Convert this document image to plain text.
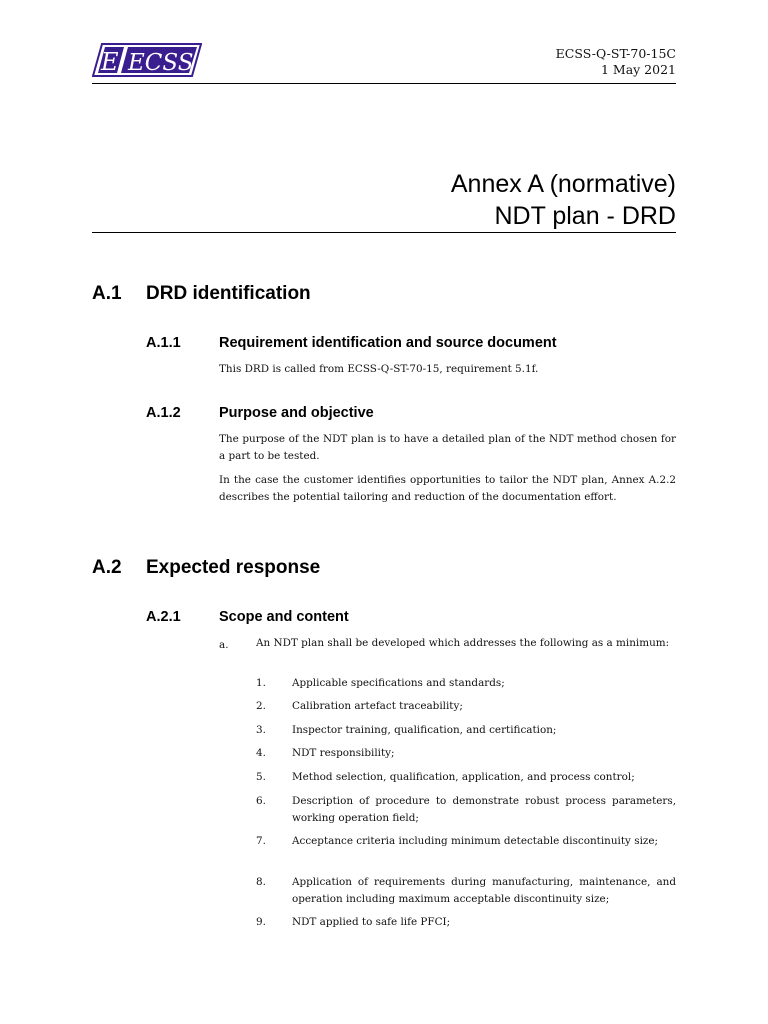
E ECSS	ECSS-Q-ST-70-15C
1 May 2021
Annex A (normative)
NDT plan - DRD
A.1 DRD identification
A.1.1	Requirement identification and source document
This DRD is called from ECSS-Q-ST-70-15, requirement 5.1f.
A.1.2	Purpose and objective
The purpose of the NDT plan is to have a detailed plan of the NDT method chosen for a part to be tested.
In the case the customer identifies opportunities to tailor the NDT plan, Annex A.2.2 describes the potential tailoring and reduction of the documentation effort.
A.2 Expected response
A.2.1	Scope and content
a.	An NDT plan shall be developed which addresses the following as a minimum:
1.	Applicable specifications and standards;
2.	Calibration artefact traceability;
3.	Inspector training, qualification, and certification;
4.	NDT responsibility;
5.	Method selection, qualification, application, and process control;
6.	Description of procedure to demonstrate robust process parameters, working operation field;
7.	Acceptance criteria including minimum detectable discontinuity size;
8.	Application of requirements during manufacturing, maintenance, and operation including maximum acceptable discontinuity size;
9.	NDT applied to safe life PFCI;
